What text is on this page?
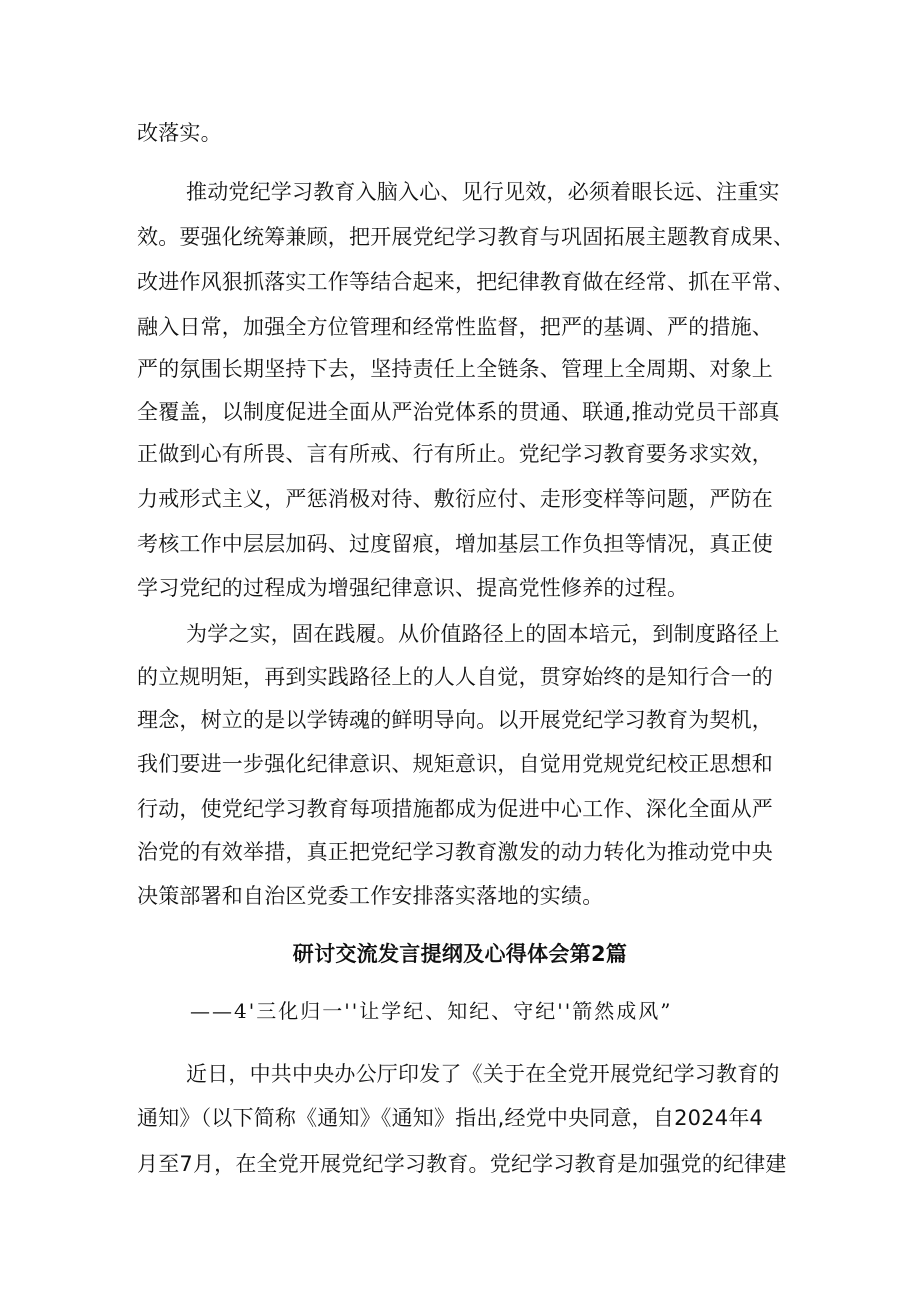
改落实。
推动党纪学习教育入脑入心、见行见效，必须着眼长远、注重实
效。要强化统筹兼顾，把开展党纪学习教育与巩固拓展主题教育成果、
改进作风狠抓落实工作等结合起来，把纪律教育做在经常、抓在平常、
融入日常，加强全方位管理和经常性监督，把严的基调、严的措施、
严的氛围长期坚持下去，坚持责任上全链条、管理上全周期、对象上
全覆盖，以制度促进全面从严治党体系的贯通、联通,推动党员干部真
正做到心有所畏、言有所戒、行有所止。党纪学习教育要务求实效，
力戒形式主义，严惩消极对待、敷衍应付、走形变样等问题，严防在
考核工作中层层加码、过度留痕，增加基层工作负担等情况，真正使
学习党纪的过程成为增强纪律意识、提高党性修养的过程。
为学之实，固在践履。从价值路径上的固本培元，到制度路径上
的立规明矩，再到实践路径上的人人自觉，贯穿始终的是知行合一的
理念，树立的是以学铸魂的鲜明导向。以开展党纪学习教育为契机，
我们要进一步强化纪律意识、规矩意识，自觉用党规党纪校正思想和
行动，使党纪学习教育每项措施都成为促进中心工作、深化全面从严
治党的有效举措，真正把党纪学习教育激发的动力转化为推动党中央
决策部署和自治区党委工作安排落实落地的实绩。
研讨交流发言提纲及心得体会第2篇
——4'三化归一''让学纪、知纪、守纪''箭然成风”
近日，中共中央办公厅印发了《关于在全党开展党纪学习教育的
通知》（以下简称《通知》《通知》指出,经党中央同意，自2024年4
月至7月，在全党开展党纪学习教育。党纪学习教育是加强党的纪律建
